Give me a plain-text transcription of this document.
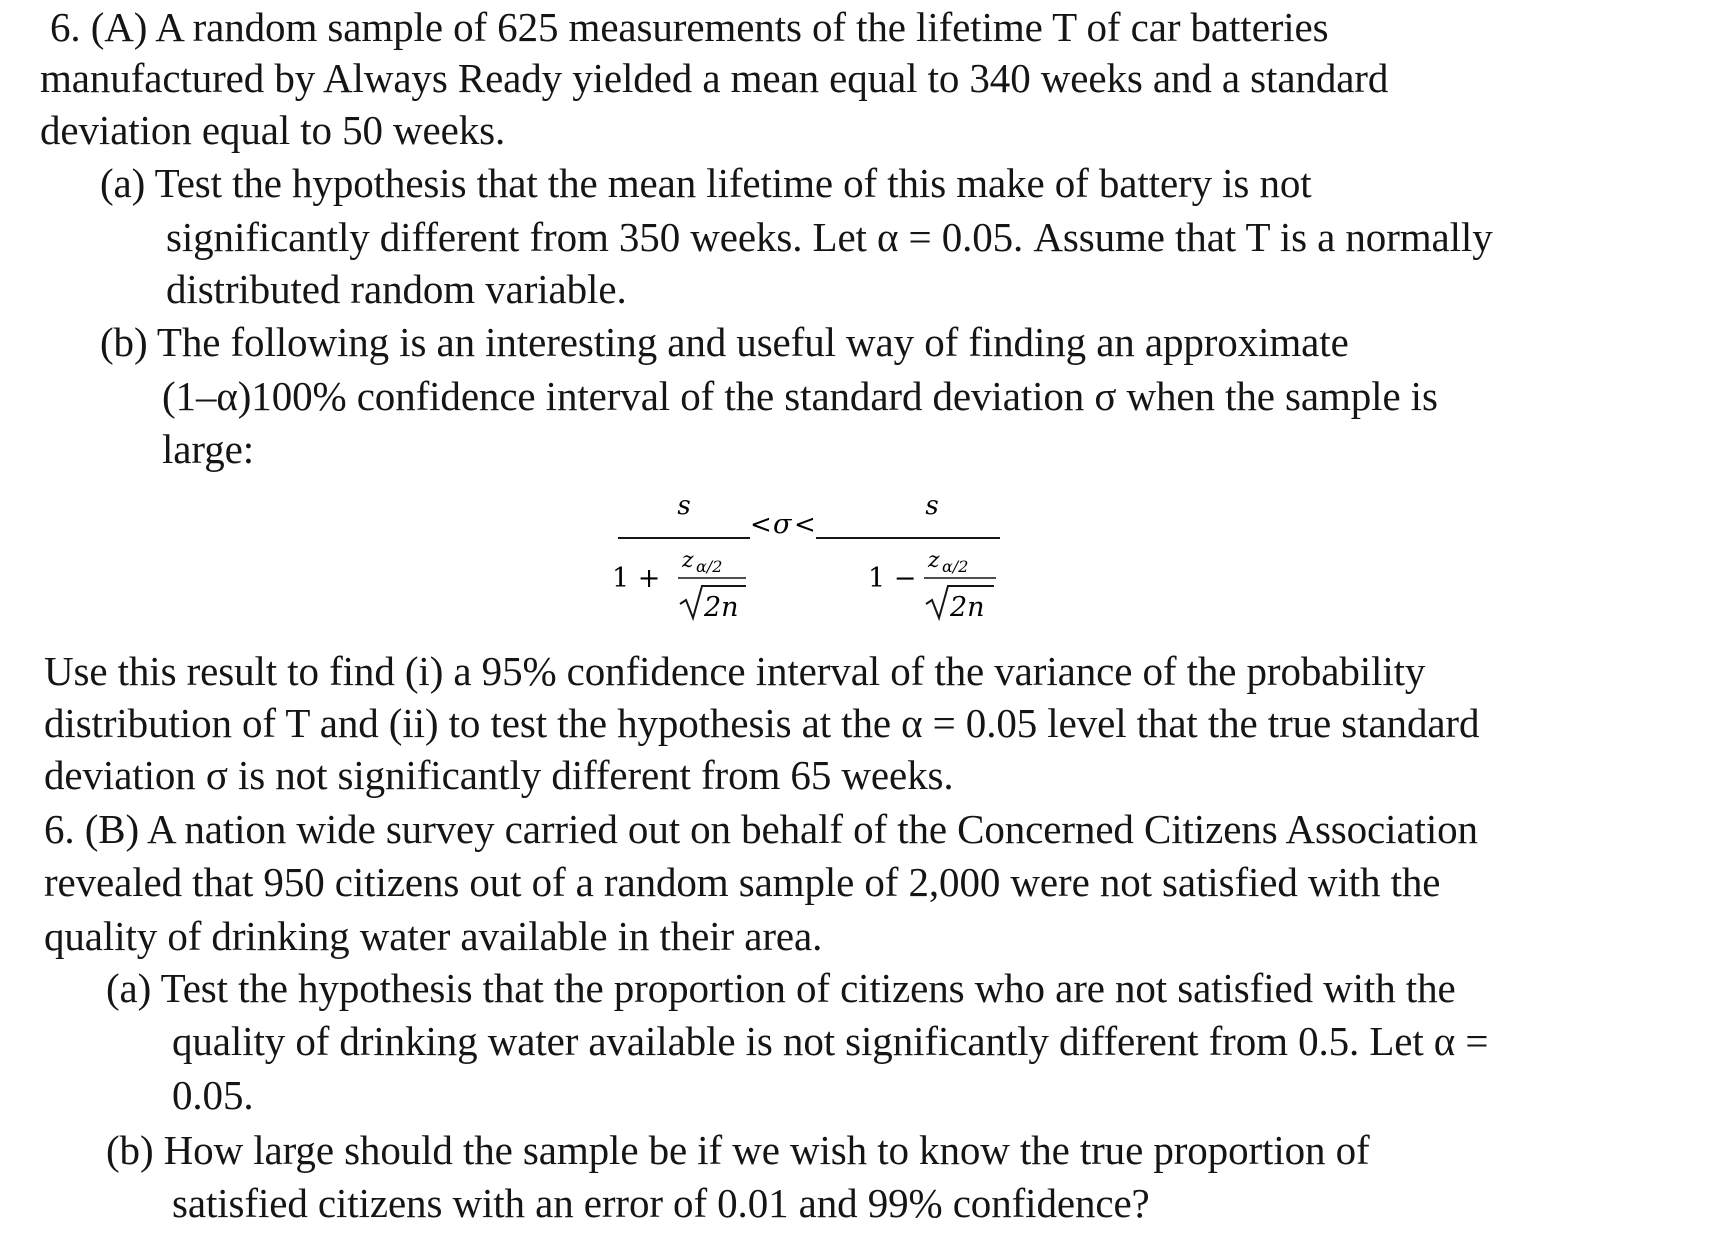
6. (A) A random sample of 625 measurements of the lifetime T of car batteries
manufactured by Always Ready yielded a mean equal to 340 weeks and a standard
deviation equal to 50 weeks.
(a) Test the hypothesis that the mean lifetime of this make of battery is not
significantly different from 350 weeks. Let α = 0.05. Assume that T is a normally
distributed random variable.
(b) The following is an interesting and useful way of finding an approximate
(1–α)100% confidence interval of the standard deviation σ when the sample is
large:
s
1 +
z α/2
2n
< σ <
s
1 −
z α/2
2n
Use this result to find (i) a 95% confidence interval of the variance of the probability
distribution of T and (ii) to test the hypothesis at the α = 0.05 level that the true standard
deviation σ is not significantly different from 65 weeks.
6. (B) A nation wide survey carried out on behalf of the Concerned Citizens Association
revealed that 950 citizens out of a random sample of 2,000 were not satisfied with the
quality of drinking water available in their area.
(a) Test the hypothesis that the proportion of citizens who are not satisfied with the
quality of drinking water available is not significantly different from 0.5. Let α =
0.05.
(b) How large should the sample be if we wish to know the true proportion of
satisfied citizens with an error of 0.01 and 99% confidence?
